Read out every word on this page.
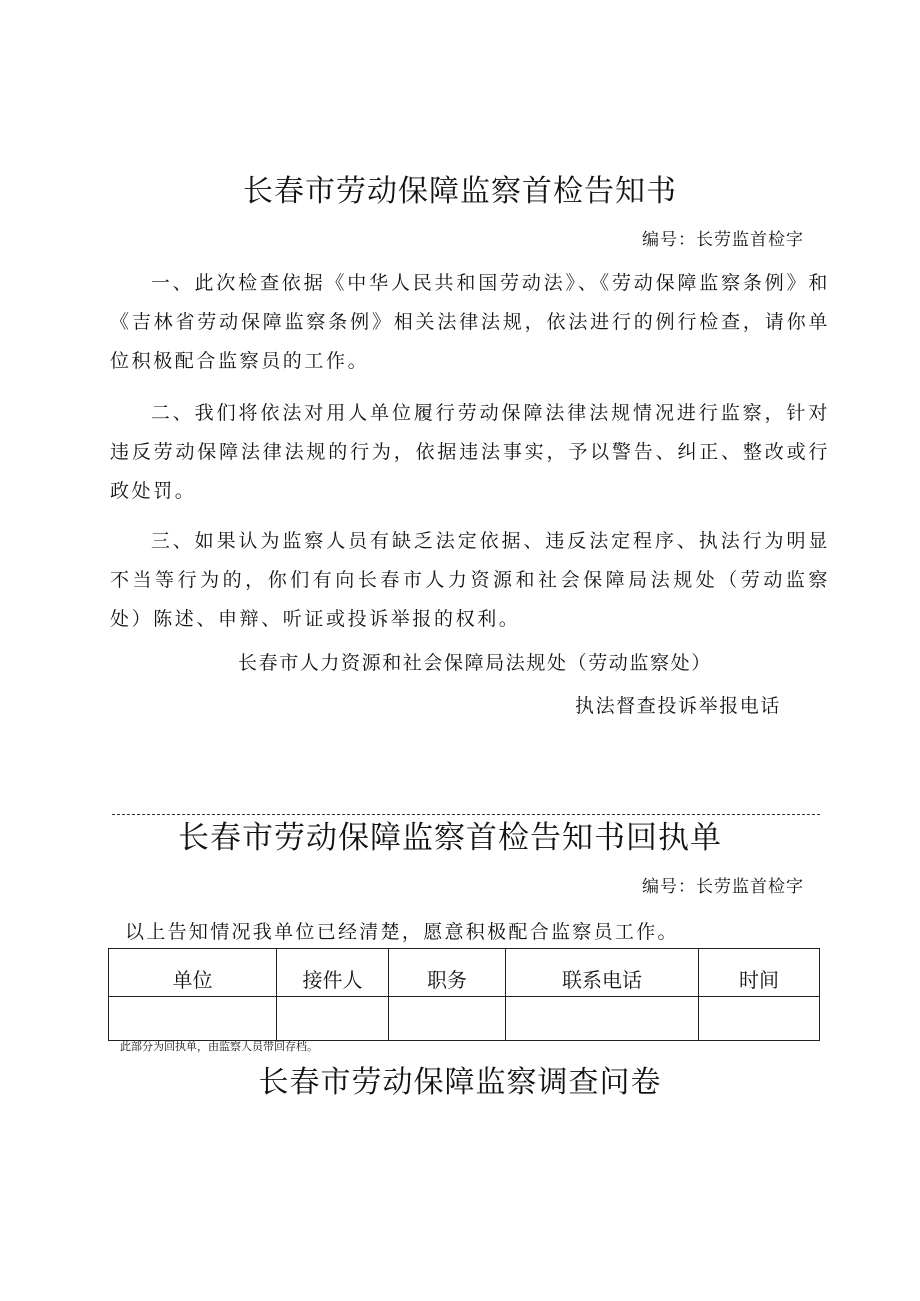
长春市劳动保障监察首检告知书
编号：长劳监首检字

一、此次检查依据《中华人民共和国劳动法》、《劳动保障监察条例》和《吉林省劳动保障监察条例》相关法律法规，依法进行的例行检查，请你单位积极配合监察员的工作。

二、我们将依法对用人单位履行劳动保障法律法规情况进行监察，针对违反劳动保障法律法规的行为，依据违法事实，予以警告、纠正、整改或行政处罚。

三、如果认为监察人员有缺乏法定依据、违反法定程序、执法行为明显不当等行为的，你们有向长春市人力资源和社会保障局法规处（劳动监察处）陈述、申辩、听证或投诉举报的权利。

长春市人力资源和社会保障局法规处（劳动监察处）
执法督查投诉举报电话
长春市劳动保障监察首检告知书回执单
编号：长劳监首检字
以上告知情况我单位已经清楚，愿意积极配合监察员工作。
单位	接件人	职务	联系电话	时间

此部分为回执单，由监察人员带回存档。
长春市劳动保障监察调查问卷
